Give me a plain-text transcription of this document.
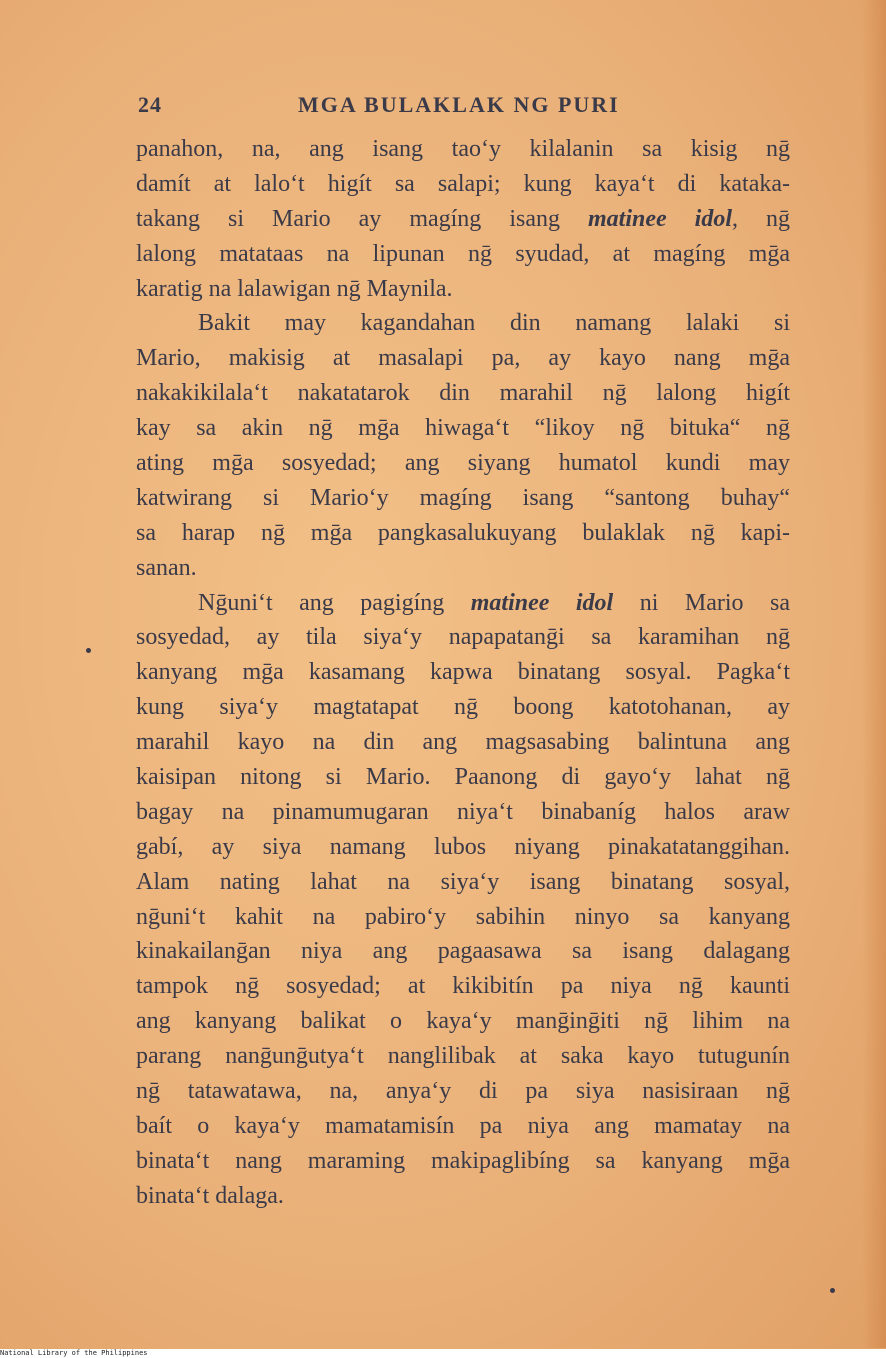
24	MGA BULAKLAK NG PURI
panahon, na, ang isang tao‘y kilalanin sa kisig nḡ
damít at lalo‘t higít sa salapi; kung kaya‘t di kataka-
takang si Mario ay magíng isang matinee idol, nḡ
lalong matataas na lipunan nḡ syudad, at magíng mḡa
karatig na lalawigan nḡ Maynila.
Bakit may kagandahan din namang lalaki si
Mario, makisig at masalapi pa, ay kayo nang mḡa
nakakikilala‘t nakatatarok din marahil nḡ lalong higít
kay sa akin nḡ mḡa hiwaga‘t “likoy nḡ bituka“ nḡ
ating mḡa sosyedad; ang siyang humatol kundi may
katwirang si Mario‘y magíng isang “santong buhay“
sa harap nḡ mḡa pangkasalukuyang bulaklak nḡ kapi-
sanan.
Nḡuni‘t ang pagigíng matinee idol ni Mario sa
sosyedad, ay tila siya‘y napapatanḡi sa karamihan nḡ
kanyang mḡa kasamang kapwa binatang sosyal. Pagka‘t
kung siya‘y magtatapat nḡ boong katotohanan, ay
marahil kayo na din ang magsasabing balintuna ang
kaisipan nitong si Mario. Paanong di gayo‘y lahat nḡ
bagay na pinamumugaran niya‘t binabaníg halos araw
gabí, ay siya namang lubos niyang pinakatatanggihan.
Alam nating lahat na siya‘y isang binatang sosyal,
nḡuni‘t kahit na pabiro‘y sabihin ninyo sa kanyang
kinakailanḡan niya ang pagaasawa sa isang dalagang
tampok nḡ sosyedad; at kikibitín pa niya nḡ kaunti
ang kanyang balikat o kaya‘y manḡinḡiti nḡ lihim na
parang nanḡunḡutya‘t nanglilibak at saka kayo tutugunín
nḡ tatawatawa, na, anya‘y di pa siya nasisiraan nḡ
baít o kaya‘y mamatamisín pa niya ang mamatay na
binata‘t nang maraming makipaglibíng sa kanyang mḡa
binata‘t dalaga.
National Library of the Philippines
